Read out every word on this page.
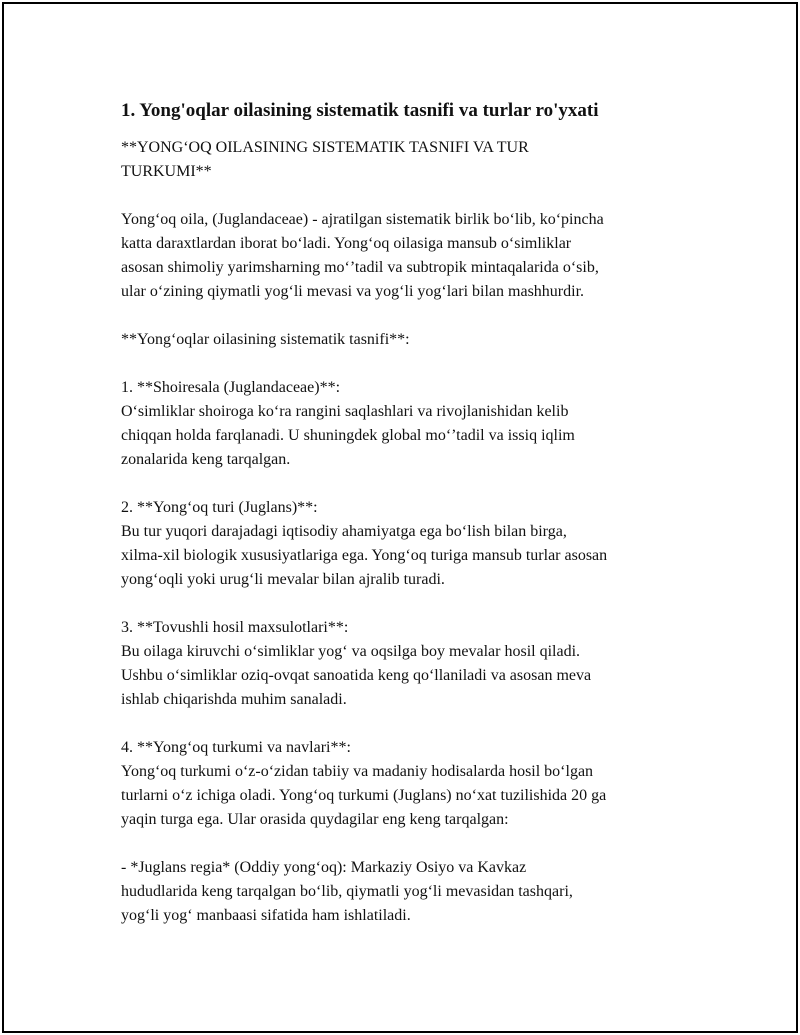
1. Yong'oqlar oilasining sistematik tasnifi va turlar ro'yxati

**YONG‘OQ OILASINING SISTEMATIK TASNIFI VA TUR
TURKUMI**

Yong‘oq oila, (Juglandaceae) - ajratilgan sistematik birlik bo‘lib, ko‘pincha
katta daraxtlardan iborat bo‘ladi. Yong‘oq oilasiga mansub o‘simliklar
asosan shimoliy yarimsharning mo‘’tadil va subtropik mintaqalarida o‘sib,
ular o‘zining qiymatli yog‘li mevasi va yog‘li yog‘lari bilan mashhurdir.

**Yong‘oqlar oilasining sistematik tasnifi**:

1. **Shoiresala (Juglandaceae)**:

O‘simliklar shoiroga ko‘ra rangini saqlashlari va rivojlanishidan kelib
chiqqan holda farqlanadi. U shuningdek global mo‘’tadil va issiq iqlim
zonalarida keng tarqalgan.

2. **Yong‘oq turi (Juglans)**:

Bu tur yuqori darajadagi iqtisodiy ahamiyatga ega bo‘lish bilan birga,
xilma-xil biologik xususiyatlariga ega. Yong‘oq turiga mansub turlar asosan
yong‘oqli yoki urug‘li mevalar bilan ajralib turadi.

3. **Tovushli hosil maxsulotlari**:

Bu oilaga kiruvchi o‘simliklar yog‘ va oqsilga boy mevalar hosil qiladi.
Ushbu o‘simliklar oziq-ovqat sanoatida keng qo‘llaniladi va asosan meva
ishlab chiqarishda muhim sanaladi.

4. **Yong‘oq turkumi va navlari**:

Yong‘oq turkumi o‘z-o‘zidan tabiiy va madaniy hodisalarda hosil bo‘lgan
turlarni o‘z ichiga oladi. Yong‘oq turkumi (Juglans) no‘xat tuzilishida 20 ga
yaqin turga ega. Ular orasida quydagilar eng keng tarqalgan:

- *Juglans regia* (Oddiy yong‘oq): Markaziy Osiyo va Kavkaz
hududlarida keng tarqalgan bo‘lib, qiymatli yog‘li mevasidan tashqari,
yog‘li yog‘ manbaasi sifatida ham ishlatiladi.
